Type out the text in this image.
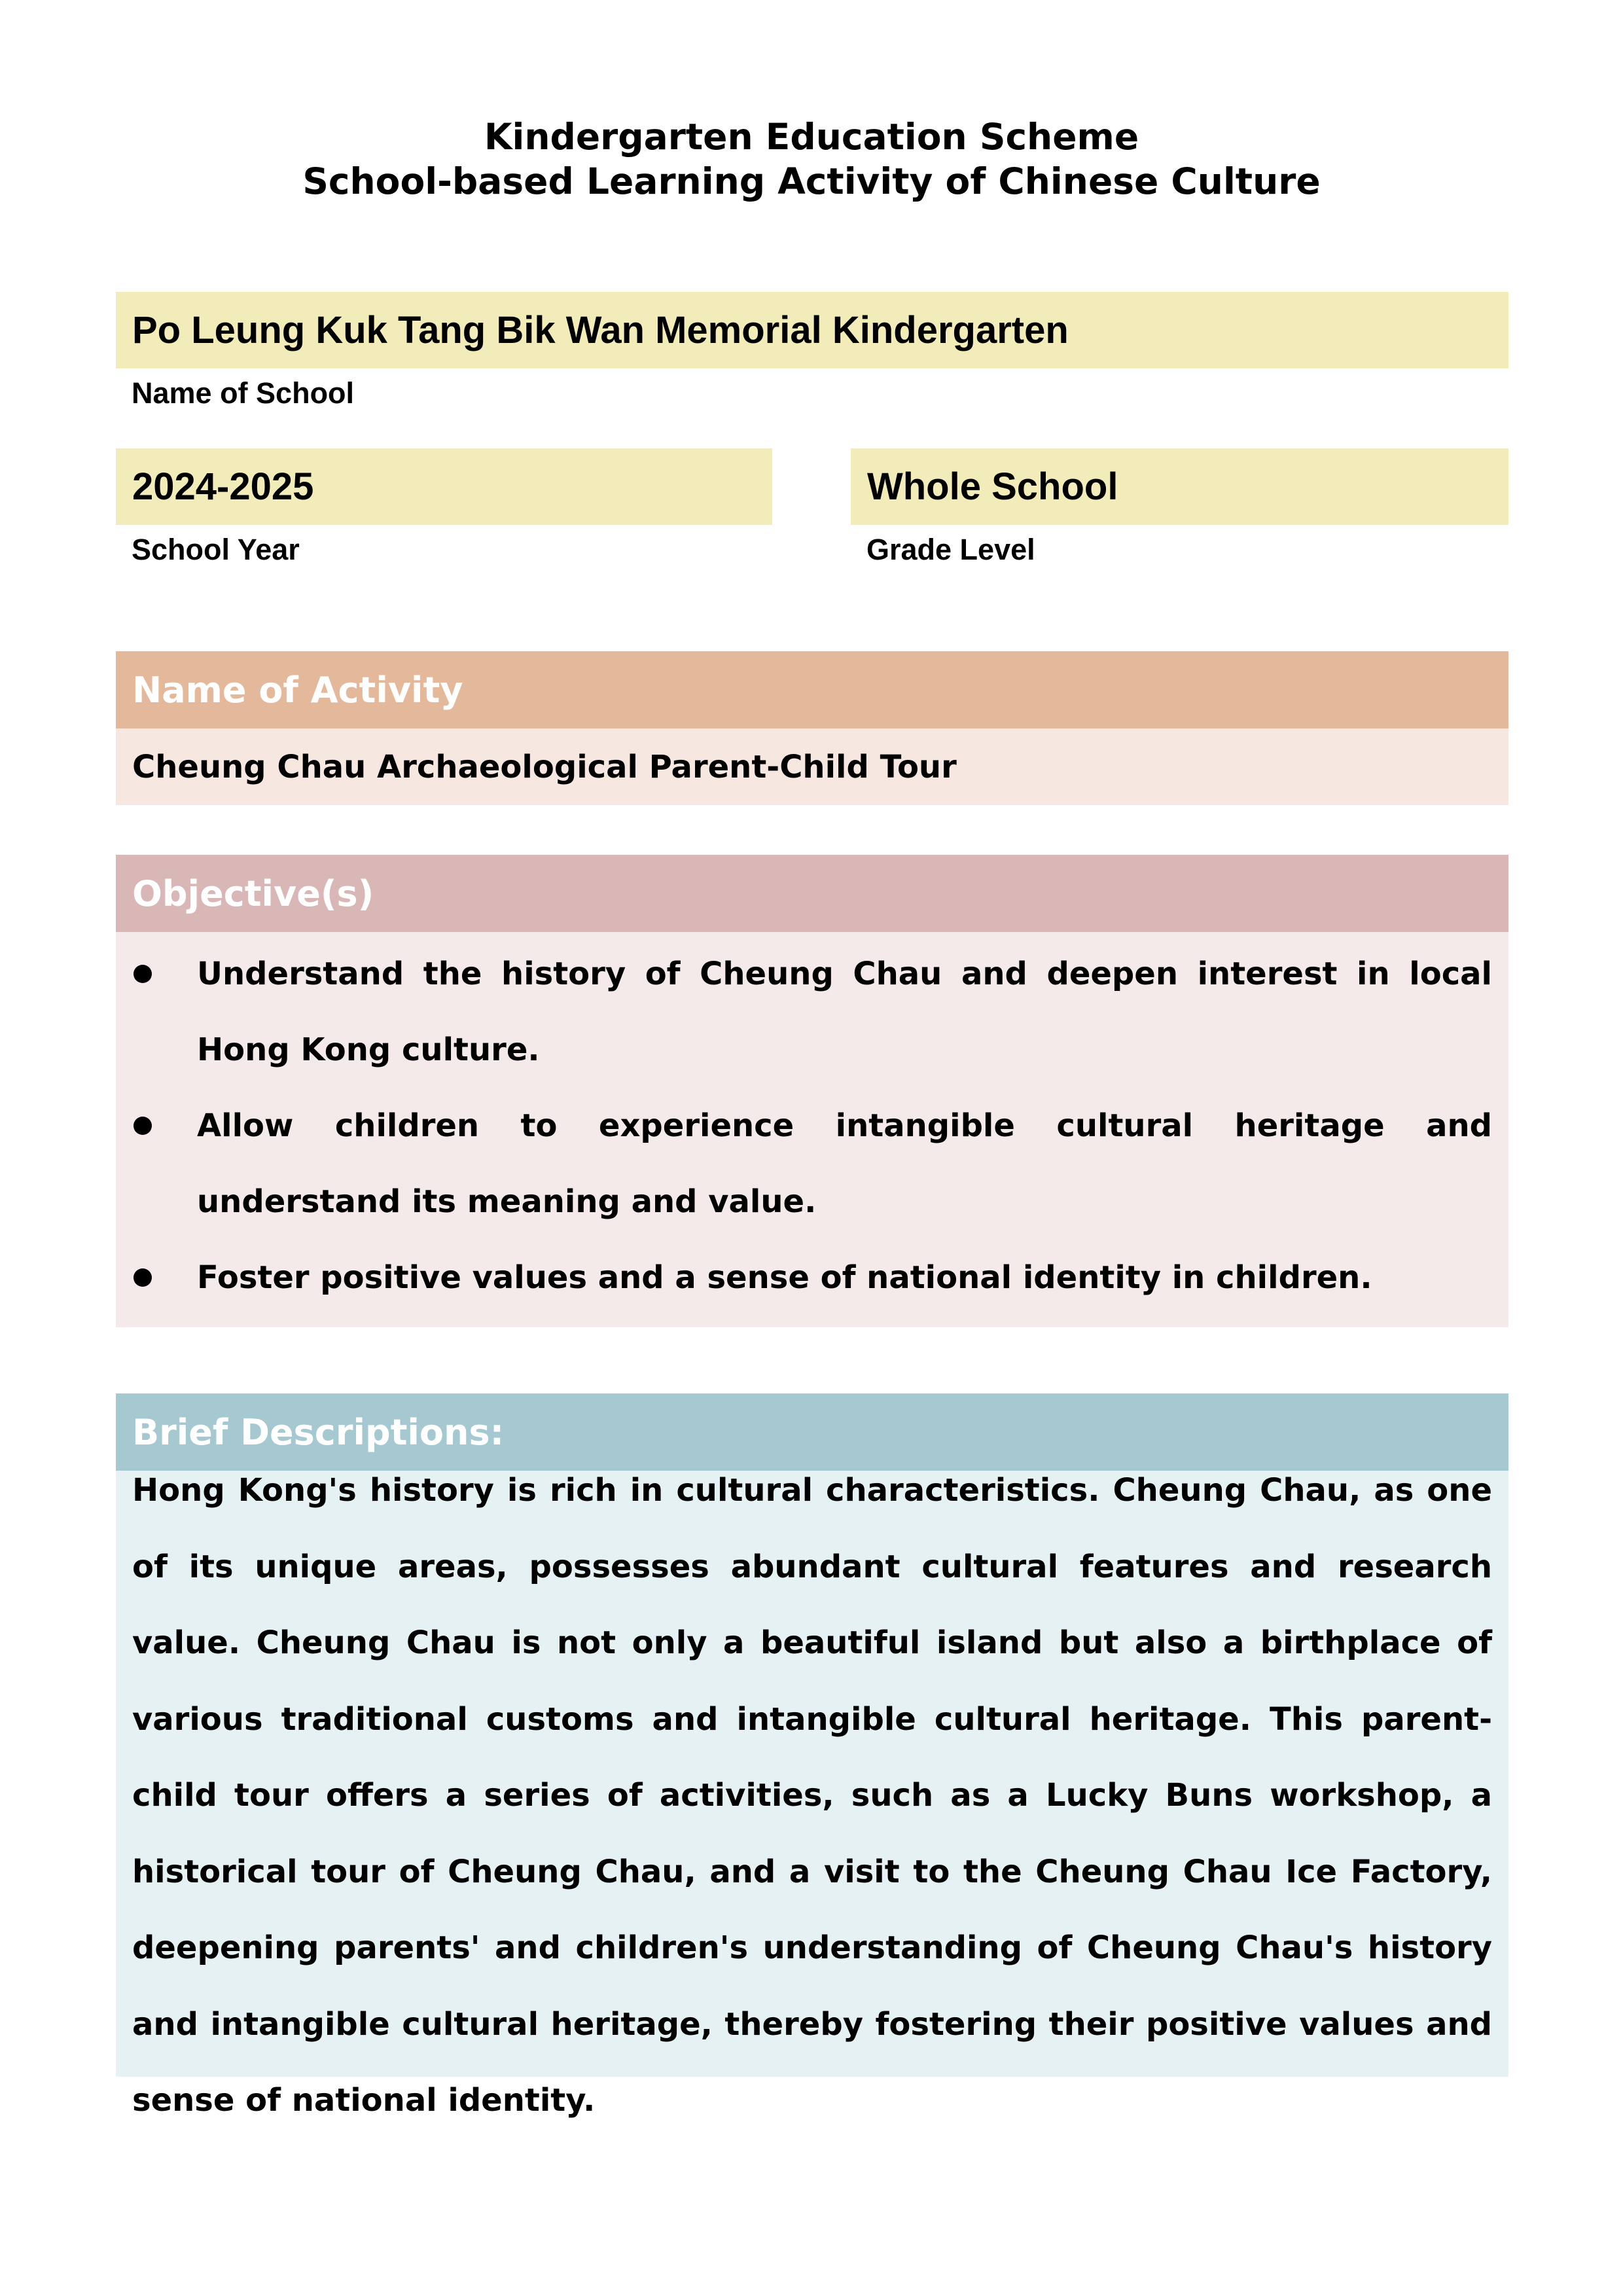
Kindergarten Education Scheme
School-based Learning Activity of Chinese Culture
Po Leung Kuk Tang Bik Wan Memorial Kindergarten
Name of School
2024-2025
School Year
Whole School
Grade Level
Name of Activity
Cheung Chau Archaeological Parent-Child Tour
Objective(s)
Understand the history of Cheung Chau and deepen interest in local Hong Kong culture.
Allow children to experience intangible cultural heritage and understand its meaning and value.
Foster positive values and a sense of national identity in children.
Brief Descriptions:

Hong Kong's history is rich in cultural characteristics. Cheung Chau, as one of its unique areas, possesses abundant cultural features and research value. Cheung Chau is not only a beautiful island but also a birthplace of various traditional customs and intangible cultural heritage. This parent-child tour offers a series of activities, such as a Lucky Buns workshop, a historical tour of Cheung Chau, and a visit to the Cheung Chau Ice Factory, deepening parents' and children's understanding of Cheung Chau's history and intangible cultural heritage, thereby fostering their positive values and sense of national identity.
